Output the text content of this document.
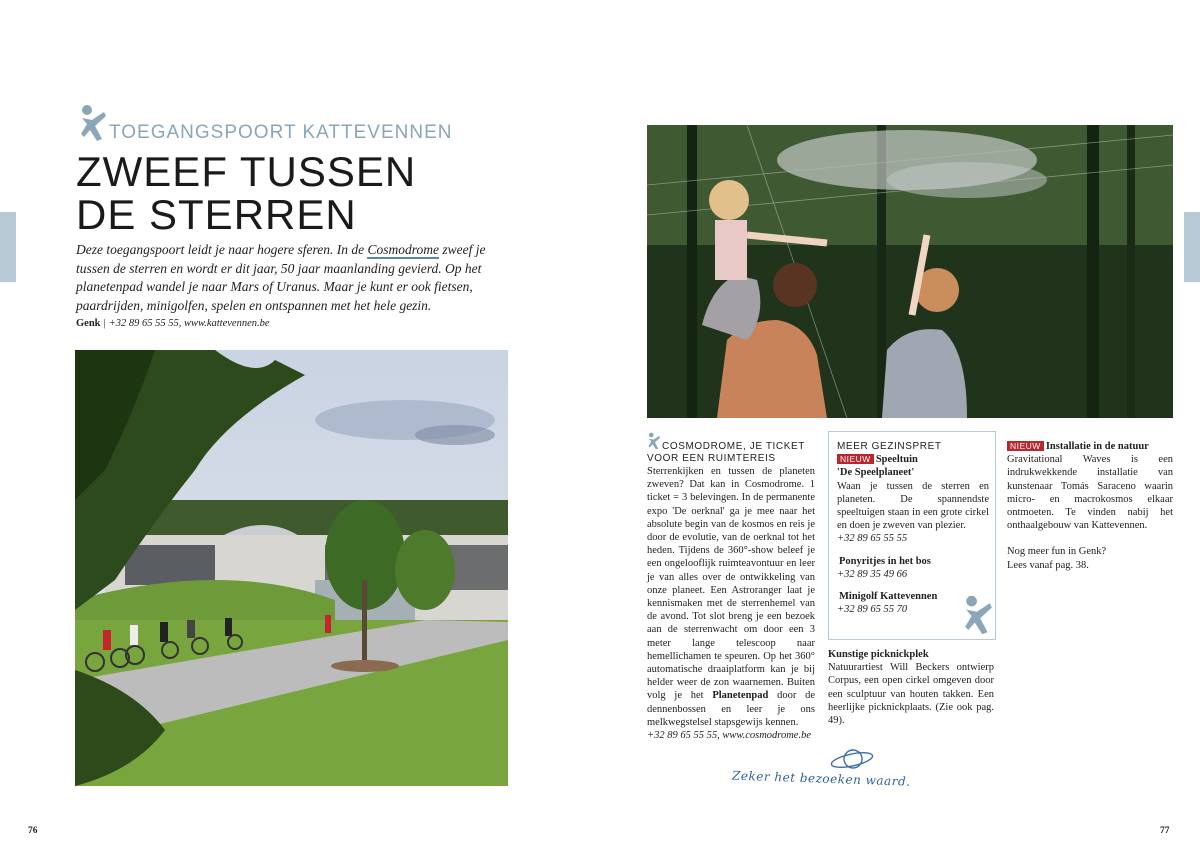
TOEGANGSPOORT KATTEVENNEN
ZWEEF TUSSEN
DE STERREN
Deze toegangspoort leidt je naar hogere sferen. In de Cosmodrome zweef je tussen de sterren en wordt er dit jaar, 50 jaar maanlanding gevierd. Op het planetenpad wandel je naar Mars of Uranus. Maar je kunt er ook fietsen, paardrijden, minigolfen, spelen en ontspannen met het hele gezin.
Genk | +32 89 65 55 55, www.kattevennen.be
76
COSMODROME, JE TICKET
VOOR EEN RUIMTEREIS

Sterrenkijken en tussen de planeten zweven? Dat kan in Cosmodrome. 1 ticket = 3 belevingen. In de permanente expo 'De oerknal' ga je mee naar het absolute begin van de kosmos en reis je door de evolutie, van de oerknal tot het heden. Tijdens de 360°-show beleef je een ongelooflijk ruimteavontuur en leer je van alles over de ontwikkeling van onze planeet. Een Astroranger laat je kennismaken met de sterrenhemel van de avond. Tot slot breng je een bezoek aan de sterrenwacht om door een 3 meter lange telescoop naar hemellichamen te speuren. Op het 360° automatische draaiplatform kan je bij helder weer de zon waarnemen. Buiten volg je het Planetenpad door de dennenbossen en leer je ons melkwegstelsel stapsgewijs kennen.

+32 89 65 55 55, www.cosmodrome.be

MEER GEZINSPRET
NIEUW Speeltuin
'De Speelplaneet'
Waan je tussen de sterren en planeten. De spannendste speeltuigen staan in een grote cirkel en doen je zweven van plezier.
+32 89 65 55 55
Ponyritjes in het bos
+32 89 35 49 66
Minigolf Kattevennen
+32 89 65 55 70
Kunstige picknickplek
Natuurartiest Will Beckers ontwierp Corpus, een open cirkel omgeven door een sculptuur van houten takken. Een heerlijke picknickplaats. (Zie ook pag. 49).
NIEUW Installatie in de natuur
Gravitational Waves is een indrukwekkende installatie van kunstenaar Tomás Saraceno waarin micro- en macrokosmos elkaar ontmoeten. Te vinden nabij het onthaalgebouw van Kattevennen.
Nog meer fun in Genk?
Lees vanaf pag. 38.
Zeker het bezoeken waard.
77
